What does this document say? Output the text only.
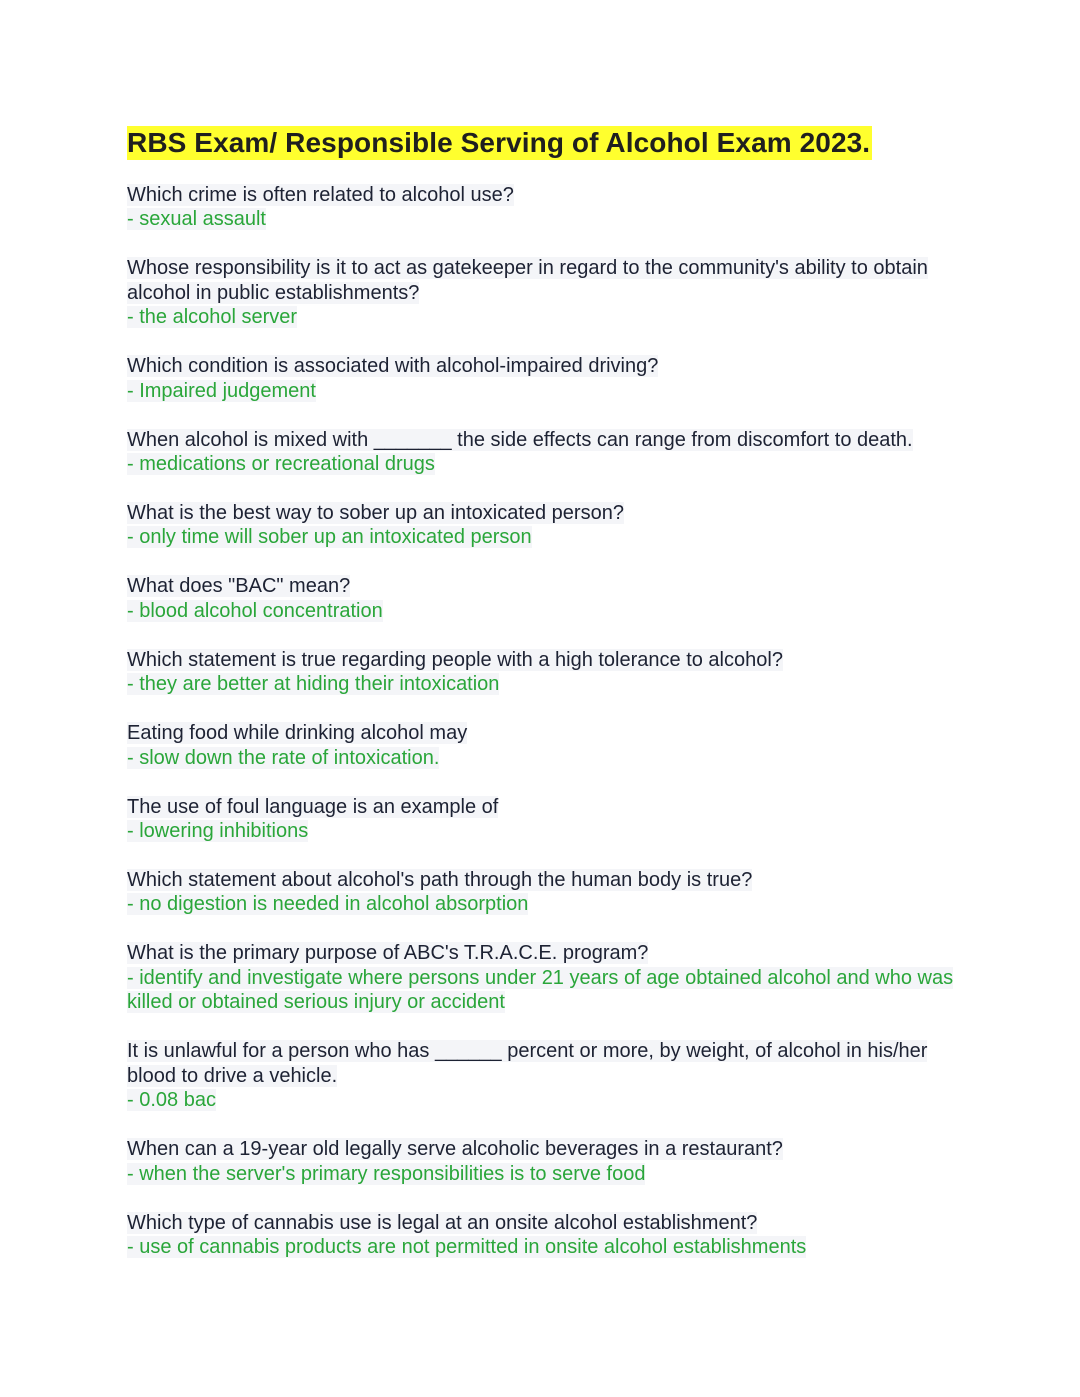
RBS Exam/ Responsible Serving of Alcohol Exam 2023.
Which crime is often related to alcohol use?
- sexual assault
Whose responsibility is it to act as gatekeeper in regard to the community's ability to obtain alcohol in public establishments?
- the alcohol server
Which condition is associated with alcohol-impaired driving?
- Impaired judgement
When alcohol is mixed with _______ the side effects can range from discomfort to death.
- medications or recreational drugs
What is the best way to sober up an intoxicated person?
- only time will sober up an intoxicated person
What does "BAC" mean?
- blood alcohol concentration
Which statement is true regarding people with a high tolerance to alcohol?
- they are better at hiding their intoxication
Eating food while drinking alcohol may
- slow down the rate of intoxication.
The use of foul language is an example of
- lowering inhibitions
Which statement about alcohol's path through the human body is true?
- no digestion is needed in alcohol absorption
What is the primary purpose of ABC's T.R.A.C.E. program?
- identify and investigate where persons under 21 years of age obtained alcohol and who was killed or obtained serious injury or accident
It is unlawful for a person who has ______ percent or more, by weight, of alcohol in his/her blood to drive a vehicle.
- 0.08 bac
When can a 19-year old legally serve alcoholic beverages in a restaurant?
- when the server's primary responsibilities is to serve food
Which type of cannabis use is legal at an onsite alcohol establishment?
- use of cannabis products are not permitted in onsite alcohol establishments
